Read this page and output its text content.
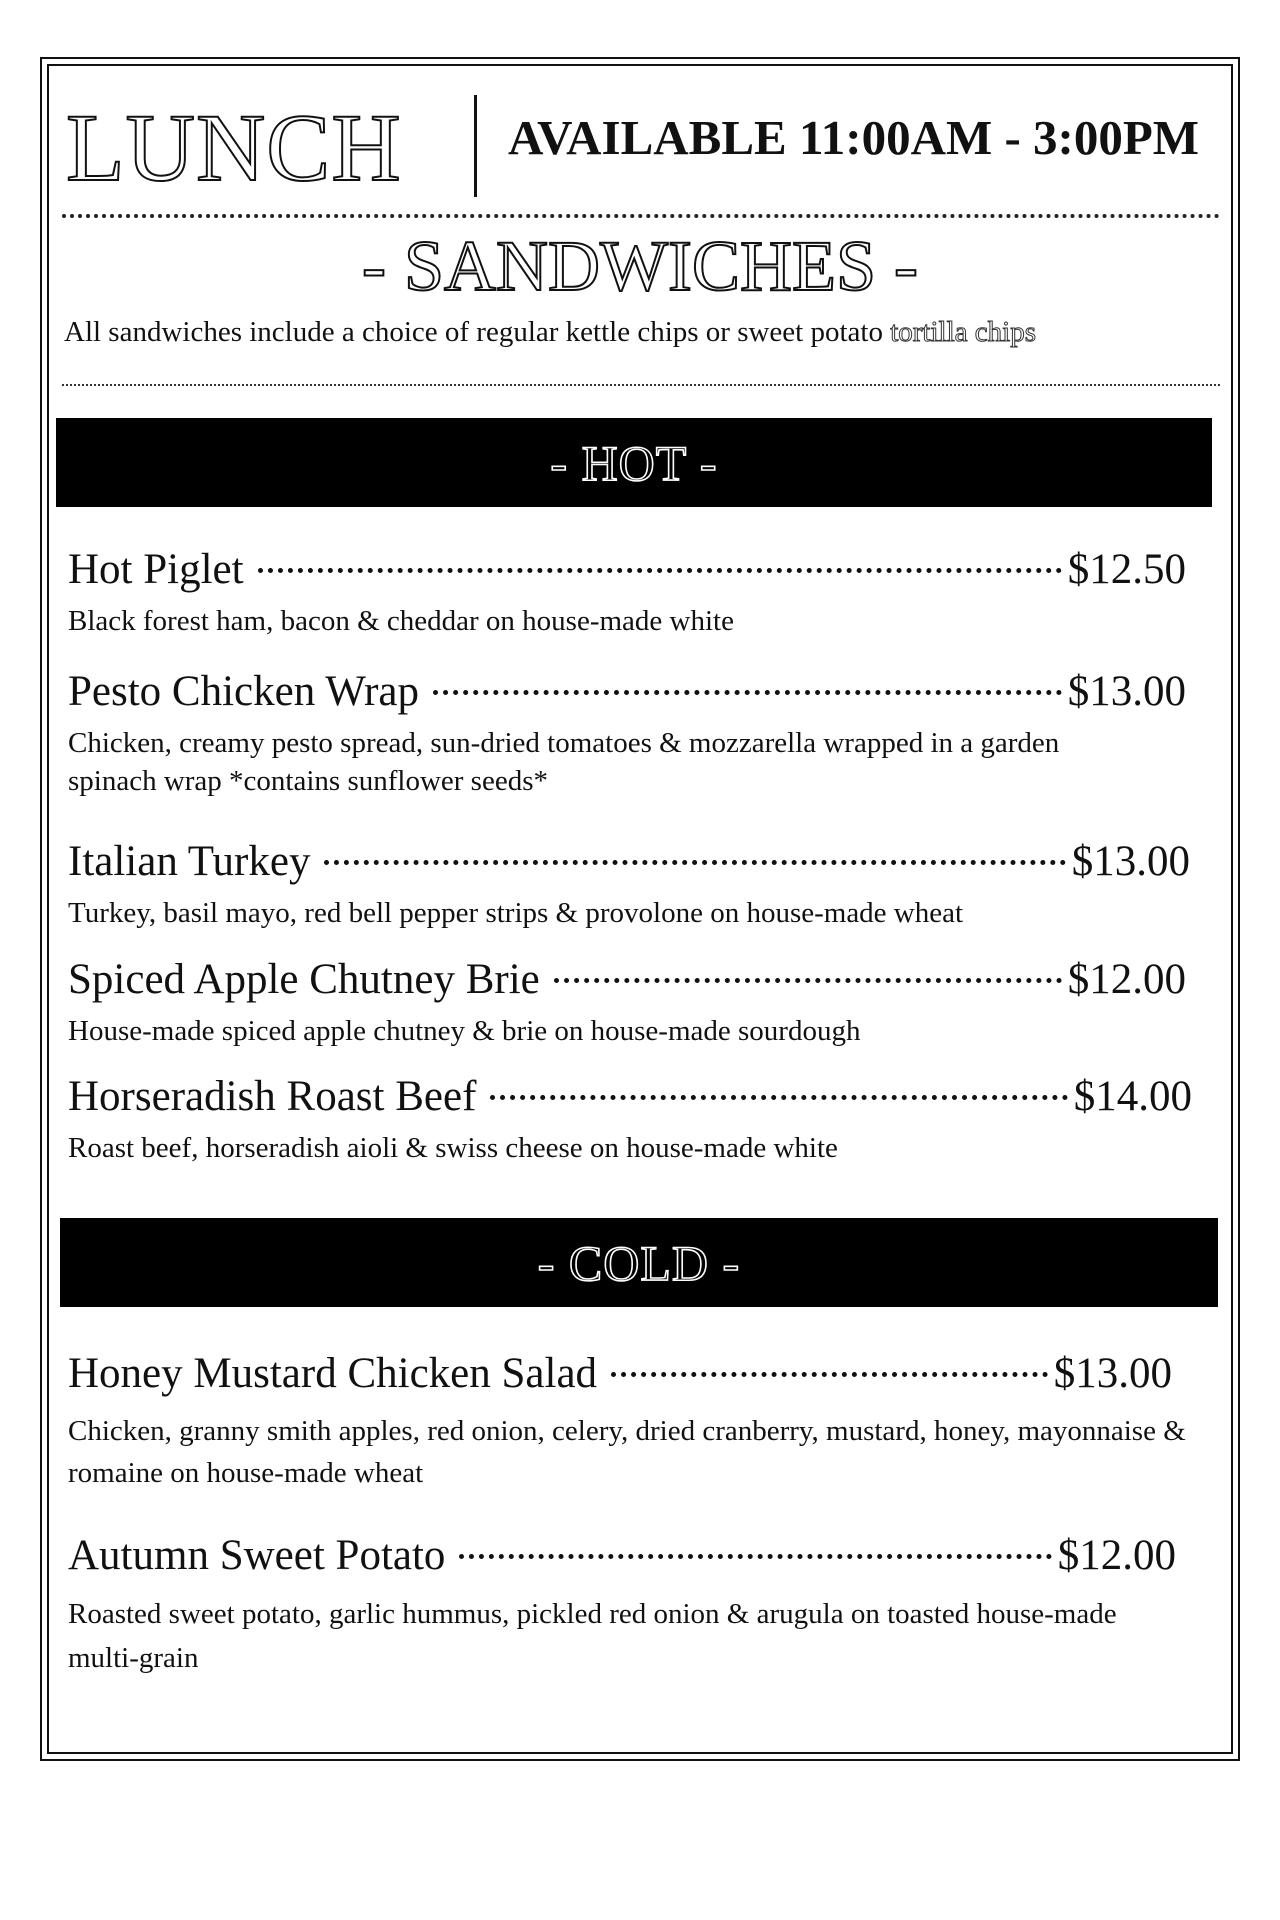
LUNCH AVAILABLE 11:00AM - 3:00PM
- SANDWICHES -
All sandwiches include a choice of regular kettle chips or sweet potato tortilla chips
- HOT -
Hot Piglet	$12.50
Black forest ham, bacon & cheddar on house-made white
Pesto Chicken Wrap	$13.00
Chicken, creamy pesto spread, sun-dried tomatoes & mozzarella wrapped in a garden spinach wrap *contains sunflower seeds*
Italian Turkey	$13.00
Turkey, basil mayo, red bell pepper strips & provolone on house-made wheat
Spiced Apple Chutney Brie	$12.00
House-made spiced apple chutney & brie on house-made sourdough
Horseradish Roast Beef	$14.00
Roast beef, horseradish aioli & swiss cheese on house-made white
- COLD -
Honey Mustard Chicken Salad	$13.00
Chicken, granny smith apples, red onion, celery, dried cranberry, mustard, honey, mayonnaise & romaine on house-made wheat
Autumn Sweet Potato	$12.00
Roasted sweet potato, garlic hummus, pickled red onion & arugula on toasted house-made multi-grain
